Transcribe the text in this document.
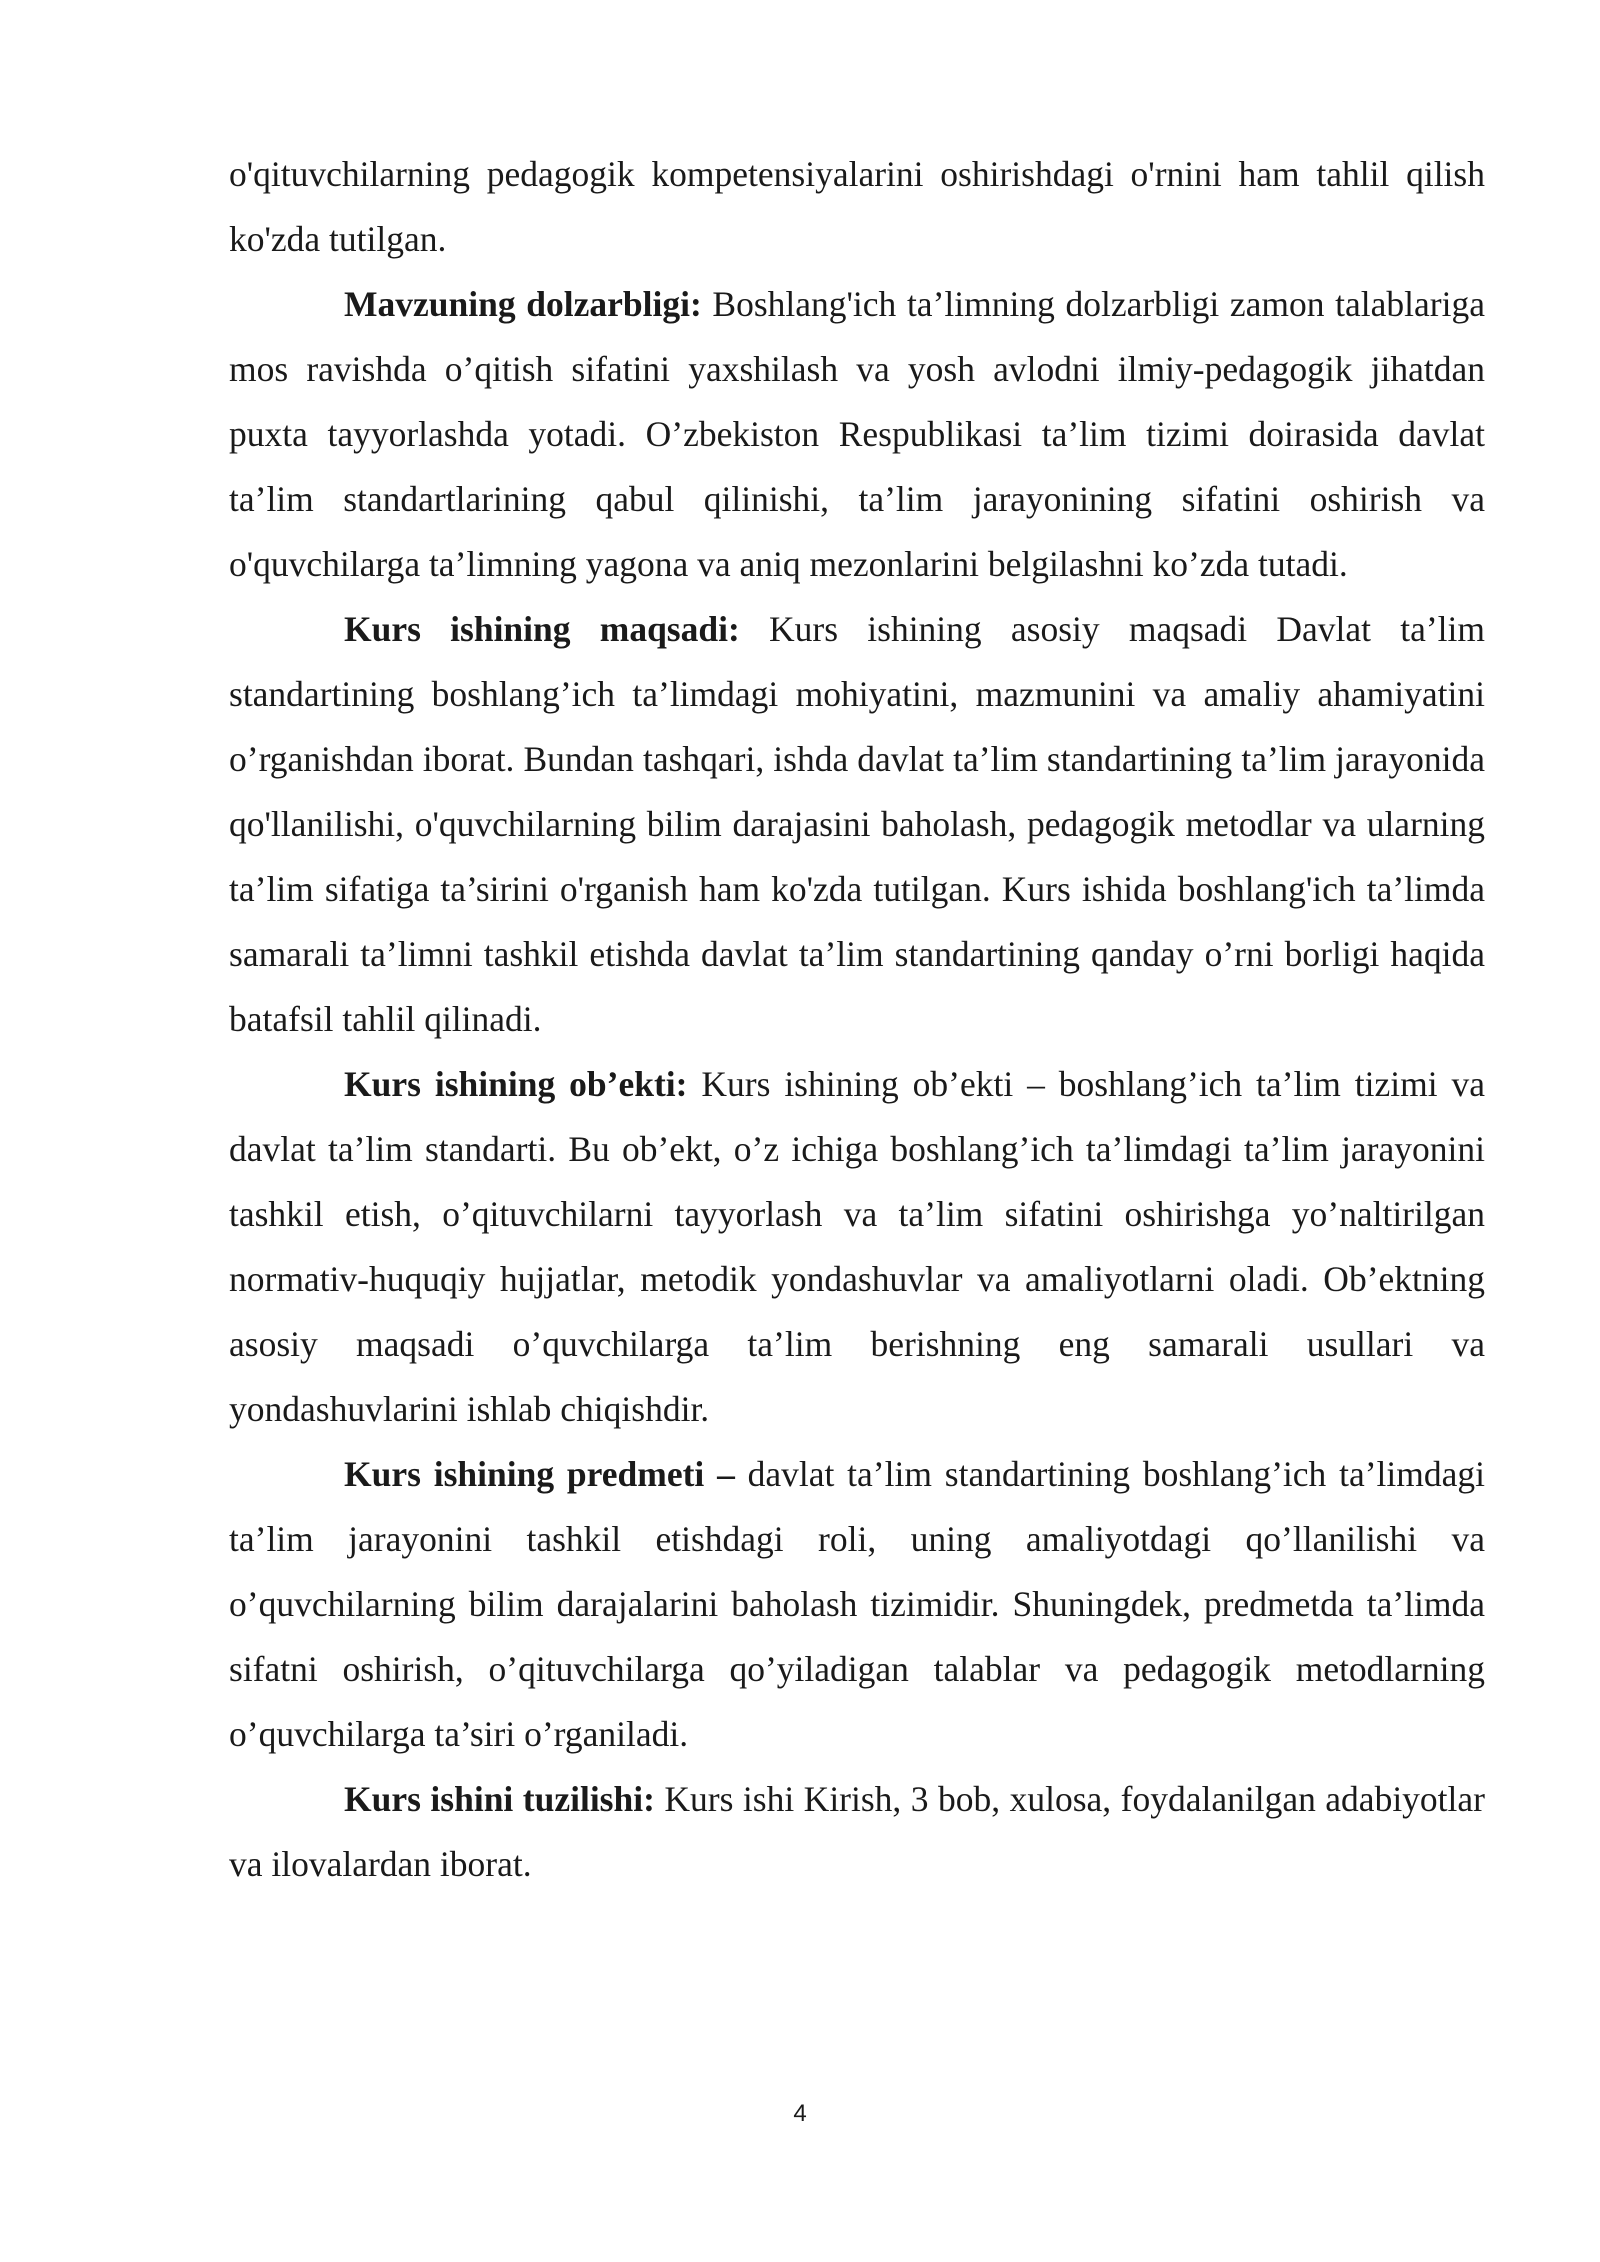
o'qituvchilarning pedagogik kompetensiyalarini oshirishdagi o'rnini ham tahlil qilish ko'zda tutilgan.

Mavzuning dolzarbligi: Boshlang'ich ta’limning dolzarbligi zamon talablariga mos ravishda o’qitish sifatini yaxshilash va yosh avlodni ilmiy-pedagogik jihatdan puxta tayyorlashda yotadi. O’zbekiston Respublikasi ta’lim tizimi doirasida davlat ta’lim standartlarining qabul qilinishi, ta’lim jarayonining sifatini oshirish va o'quvchilarga ta’limning yagona va aniq mezonlarini belgilashni ko’zda tutadi.

Kurs ishining maqsadi: Kurs ishining asosiy maqsadi Davlat ta’lim standartining boshlang’ich ta’limdagi mohiyatini, mazmunini va amaliy ahamiyatini o’rganishdan iborat. Bundan tashqari, ishda davlat ta’lim standartining ta’lim jarayonida qo'llanilishi, o'quvchilarning bilim darajasini baholash, pedagogik metodlar va ularning ta’lim sifatiga ta’sirini o'rganish ham ko'zda tutilgan. Kurs ishida boshlang'ich ta’limda samarali ta’limni tashkil etishda davlat ta’lim standartining qanday o’rni borligi haqida batafsil tahlil qilinadi.

Kurs ishining ob’ekti: Kurs ishining ob’ekti – boshlang’ich ta’lim tizimi va davlat ta’lim standarti. Bu ob’ekt, o’z ichiga boshlang’ich ta’limdagi ta’lim jarayonini tashkil etish, o’qituvchilarni tayyorlash va ta’lim sifatini oshirishga yo’naltirilgan normativ-huquqiy hujjatlar, metodik yondashuvlar va amaliyotlarni oladi. Ob’ektning asosiy maqsadi o’quvchilarga ta’lim berishning eng samarali usullari va yondashuvlarini ishlab chiqishdir.

Kurs ishining predmeti – davlat ta’lim standartining boshlang’ich ta’limdagi ta’lim jarayonini tashkil etishdagi roli, uning amaliyotdagi qo’llanilishi va o’quvchilarning bilim darajalarini baholash tizimidir. Shuningdek, predmetda ta’limda sifatni oshirish, o’qituvchilarga qo’yiladigan talablar va pedagogik metodlarning o’quvchilarga ta’siri o’rganiladi.

Kurs ishini tuzilishi: Kurs ishi Kirish, 3 bob, xulosa, foydalanilgan adabiyotlar va ilovalardan iborat.

4
